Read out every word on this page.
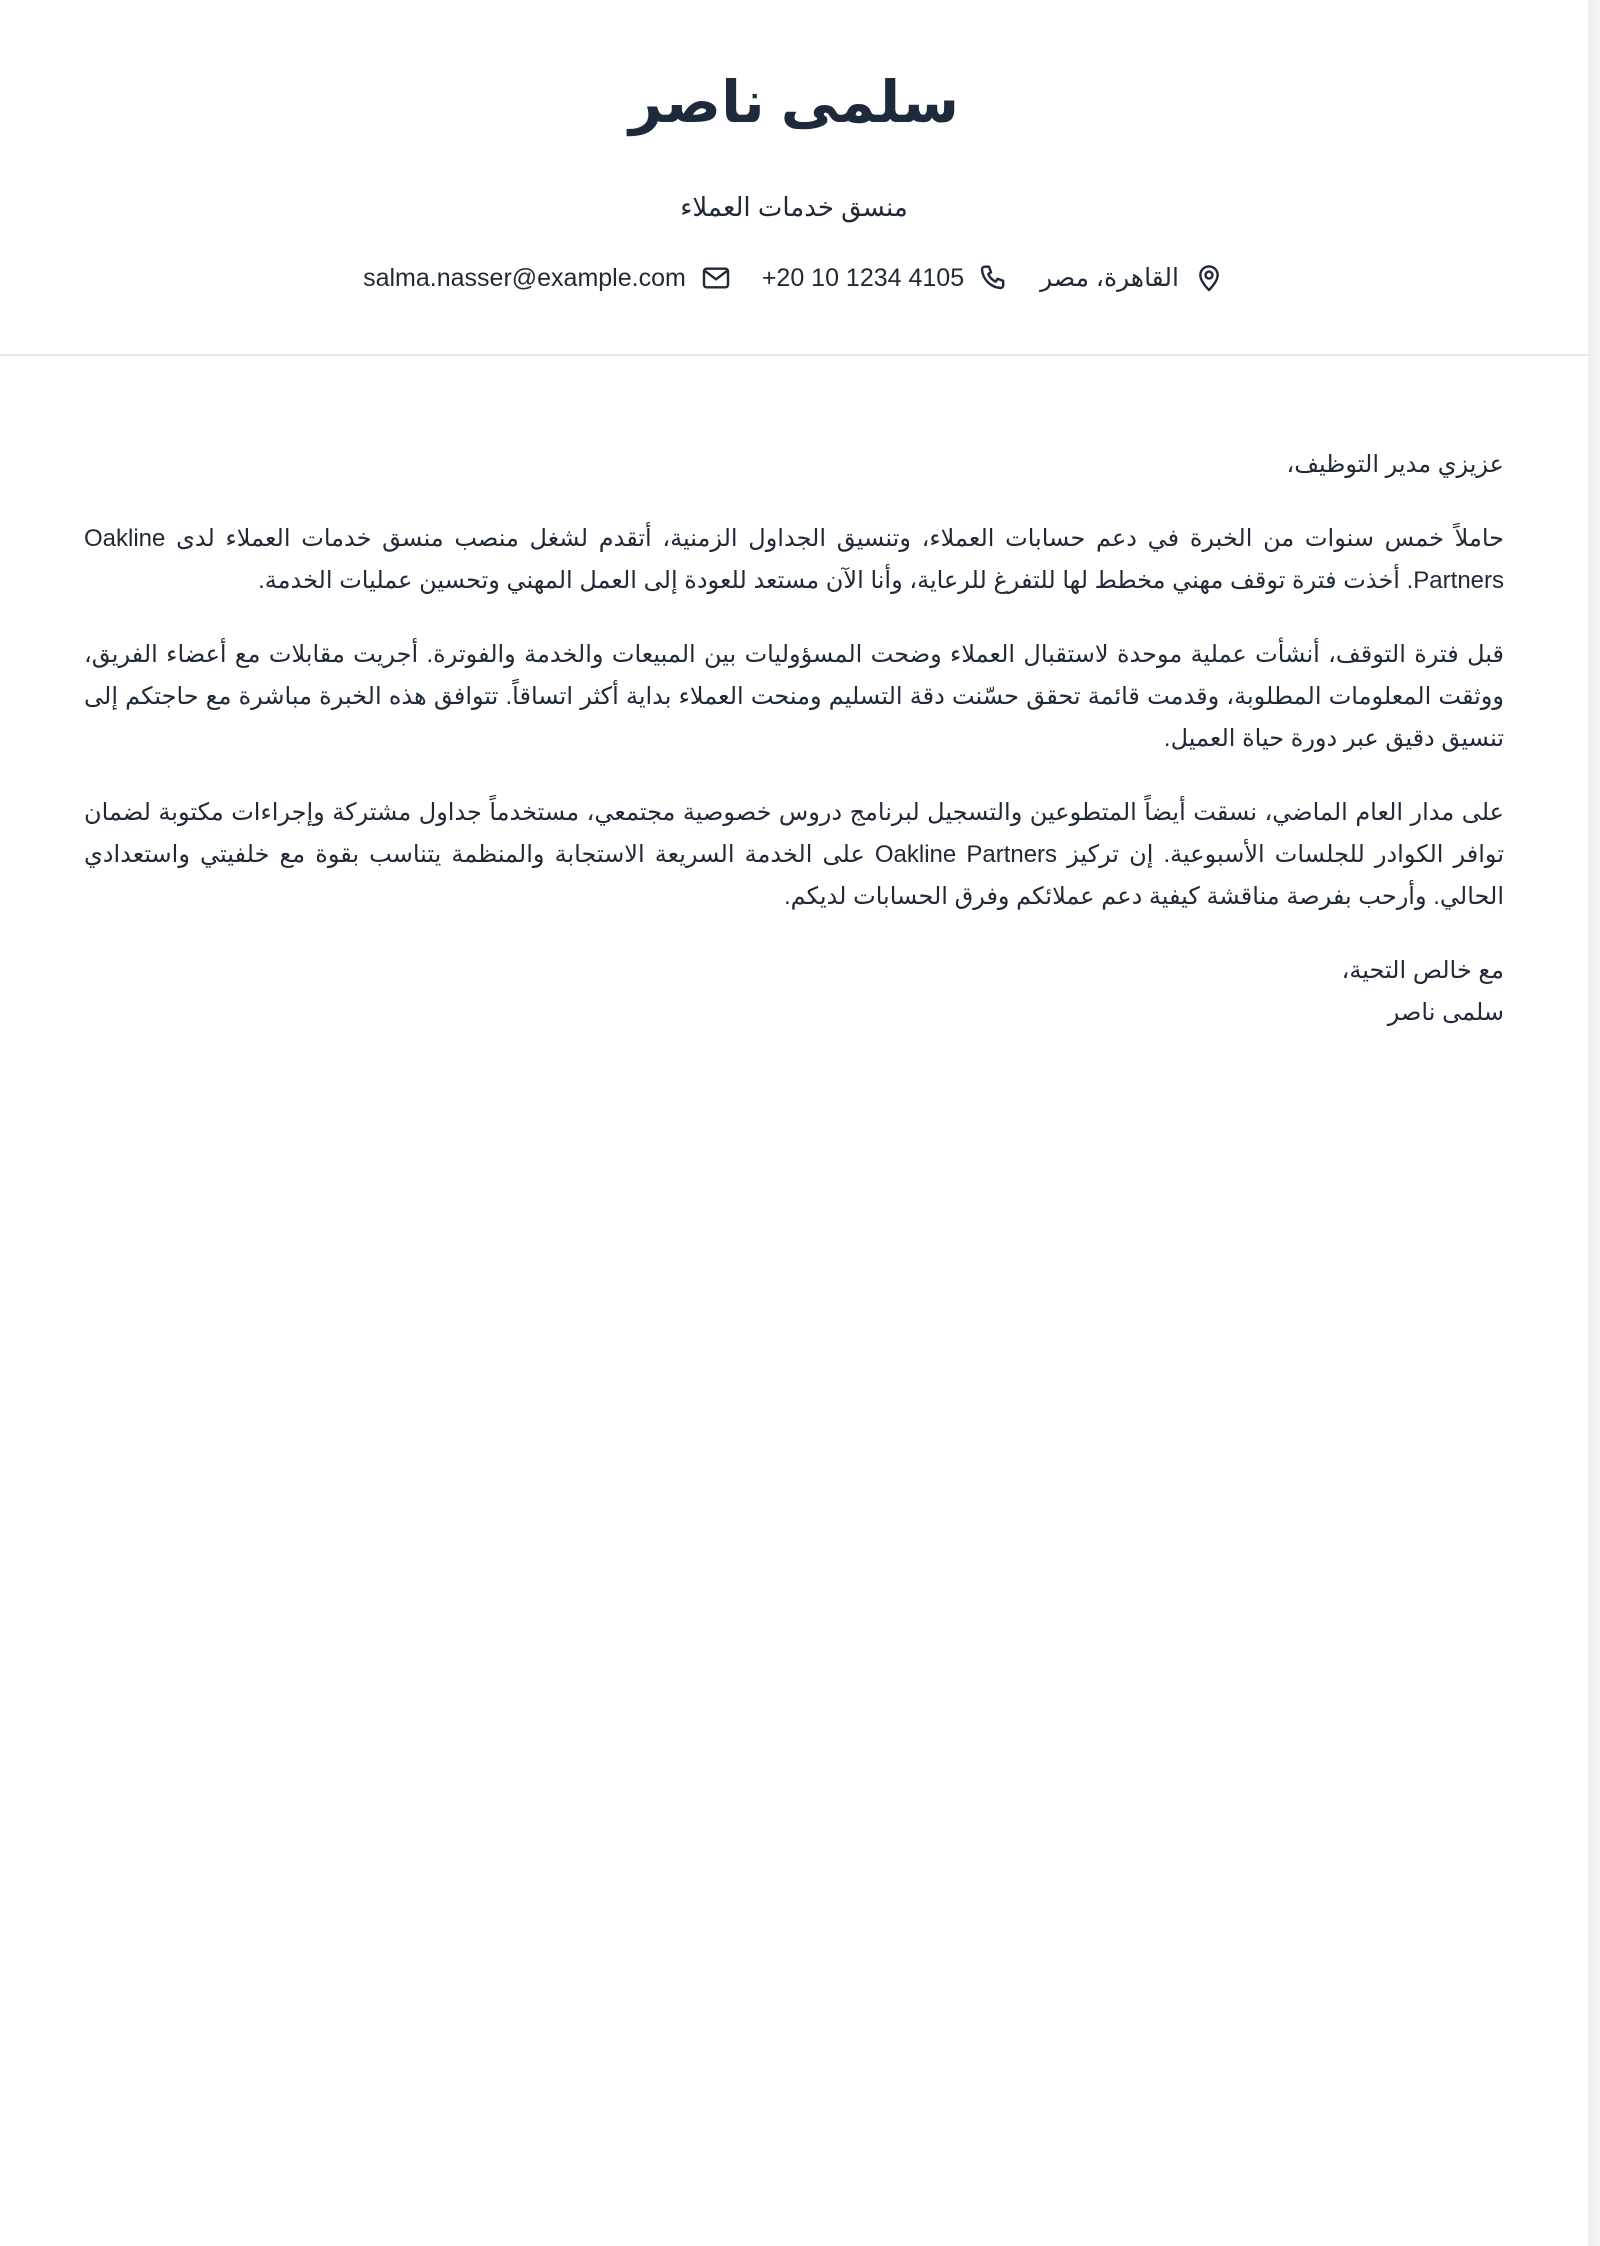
سلمى ناصر
منسق خدمات العملاء
القاهرة، مصر
+20 10 1234 4105
salma.nasser@example.com

عزيزي مدير التوظيف،

حاملاً خمس سنوات من الخبرة في دعم حسابات العملاء، وتنسيق الجداول الزمنية، أتقدم لشغل منصب منسق خدمات العملاء لدى Oakline Partners. أخذت فترة توقف مهني مخطط لها للتفرغ للرعاية، وأنا الآن مستعد للعودة إلى العمل المهني وتحسين عمليات الخدمة.

قبل فترة التوقف، أنشأت عملية موحدة لاستقبال العملاء وضحت المسؤوليات بين المبيعات والخدمة والفوترة. أجريت مقابلات مع أعضاء الفريق، ووثقت المعلومات المطلوبة، وقدمت قائمة تحقق حسّنت دقة التسليم ومنحت العملاء بداية أكثر اتساقاً. تتوافق هذه الخبرة مباشرة مع حاجتكم إلى تنسيق دقيق عبر دورة حياة العميل.

على مدار العام الماضي، نسقت أيضاً المتطوعين والتسجيل لبرنامج دروس خصوصية مجتمعي، مستخدماً جداول مشتركة وإجراءات مكتوبة لضمان توافر الكوادر للجلسات الأسبوعية. إن تركيز Oakline Partners على الخدمة السريعة الاستجابة والمنظمة يتناسب بقوة مع خلفيتي واستعدادي الحالي. وأرحب بفرصة مناقشة كيفية دعم عملائكم وفرق الحسابات لديكم.

مع خالص التحية،

سلمى ناصر
